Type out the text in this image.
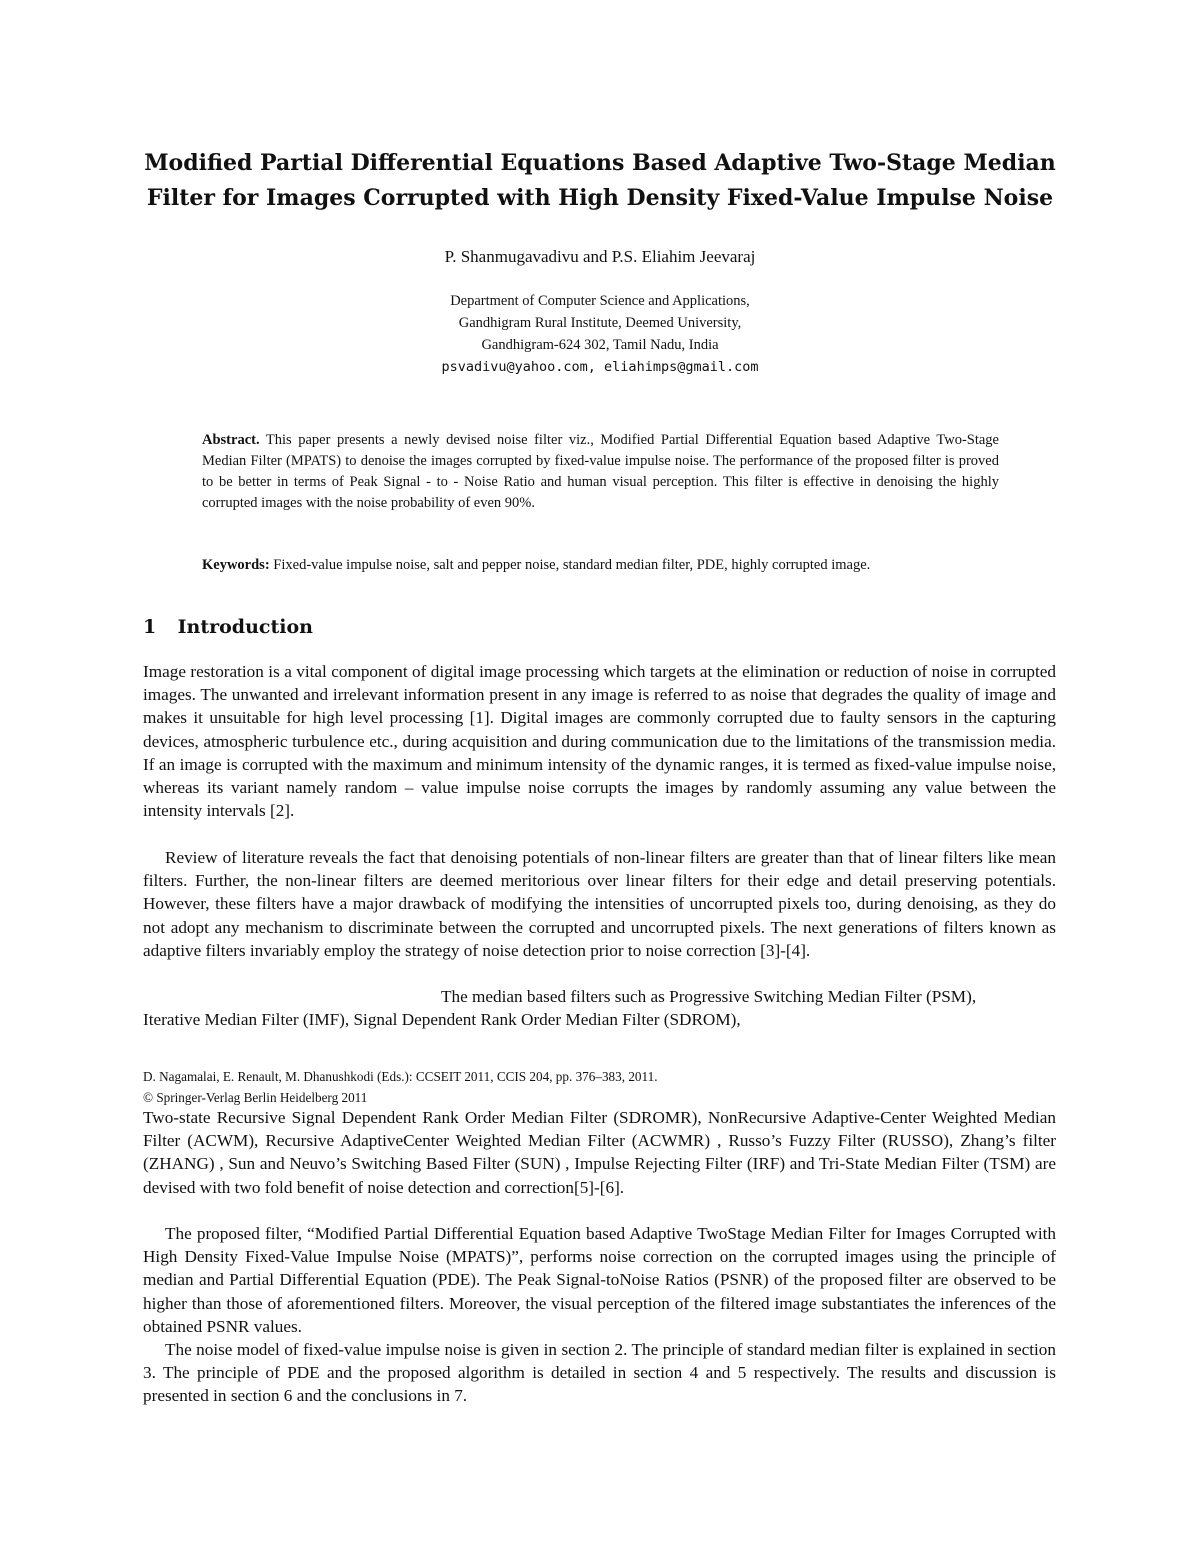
Modified Partial Differential Equations Based Adaptive Two-Stage Median
Filter for Images Corrupted with High Density Fixed-Value Impulse Noise
P. Shanmugavadivu and P.S. Eliahim Jeevaraj
Department of Computer Science and Applications,
Gandhigram Rural Institute, Deemed University,
Gandhigram-624 302, Tamil Nadu, India
psvadivu@yahoo.com, eliahimps@gmail.com
Abstract. This paper presents a newly devised noise filter viz., Modified Partial Differential Equation based Adaptive Two-Stage Median Filter (MPATS) to denoise the images corrupted by fixed-value impulse noise. The performance of the proposed filter is proved to be better in terms of Peak Signal - to - Noise Ratio and human visual perception. This filter is effective in denoising the highly corrupted images with the noise probability of even 90%.
Keywords: Fixed-value impulse noise, salt and pepper noise, standard median filter, PDE, highly corrupted image.
1 Introduction

Image restoration is a vital component of digital image processing which targets at the elimination or reduction of noise in corrupted images. The unwanted and irrelevant information present in any image is referred to as noise that degrades the quality of image and makes it unsuitable for high level processing [1]. Digital images are commonly corrupted due to faulty sensors in the capturing devices, atmospheric turbulence etc., during acquisition and during communication due to the limitations of the transmission media. If an image is corrupted with the maximum and minimum intensity of the dynamic ranges, it is termed as fixed-value impulse noise, whereas its variant namely random – value impulse noise corrupts the images by randomly assuming any value between the intensity intervals [2].

Review of literature reveals the fact that denoising potentials of non-linear filters are greater than that of linear filters like mean filters. Further, the non-linear filters are deemed meritorious over linear filters for their edge and detail preserving potentials. However, these filters have a major drawback of modifying the intensities of uncorrupted pixels too, during denoising, as they do not adopt any mechanism to discriminate between the corrupted and uncorrupted pixels. The next generations of filters known as adaptive filters invariably employ the strategy of noise detection prior to noise correction [3]-[4].

The median based filters such as Progressive Switching Median Filter (PSM),
Iterative Median Filter (IMF), Signal Dependent Rank Order Median Filter (SDROM),
D. Nagamalai, E. Renault, M. Dhanushkodi (Eds.): CCSEIT 2011, CCIS 204, pp. 376–383, 2011.
© Springer-Verlag Berlin Heidelberg 2011

Two-state Recursive Signal Dependent Rank Order Median Filter (SDROMR), NonRecursive Adaptive-Center Weighted Median Filter (ACWM), Recursive AdaptiveCenter Weighted Median Filter (ACWMR) , Russo’s Fuzzy Filter (RUSSO), Zhang’s filter (ZHANG) , Sun and Neuvo’s Switching Based Filter (SUN) , Impulse Rejecting Filter (IRF) and Tri-State Median Filter (TSM) are devised with two fold benefit of noise detection and correction[5]-[6].

The proposed filter, “Modified Partial Differential Equation based Adaptive TwoStage Median Filter for Images Corrupted with High Density Fixed-Value Impulse Noise (MPATS)”, performs noise correction on the corrupted images using the principle of median and Partial Differential Equation (PDE). The Peak Signal-toNoise Ratios (PSNR) of the proposed filter are observed to be higher than those of aforementioned filters. Moreover, the visual perception of the filtered image substantiates the inferences of the obtained PSNR values.

The noise model of fixed-value impulse noise is given in section 2. The principle of standard median filter is explained in section 3. The principle of PDE and the proposed algorithm is detailed in section 4 and 5 respectively. The results and discussion is presented in section 6 and the conclusions in 7.
